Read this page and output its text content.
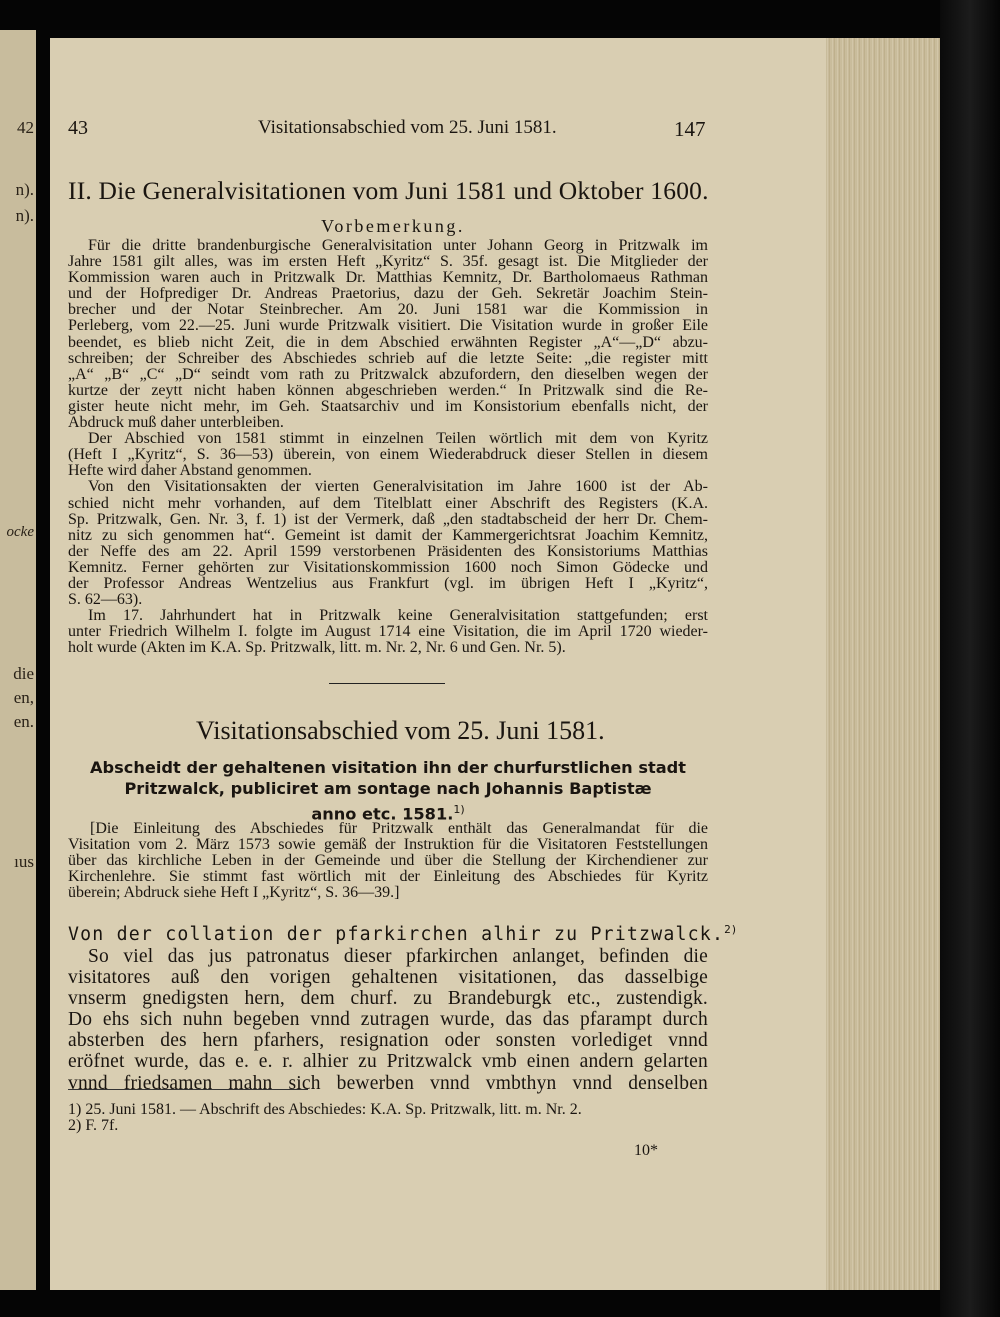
42
n).
n).
ocke
die
en,
en.
ıus
43	Visitationsabschied vom 25. Juni 1581.	147
II. Die Generalvisitationen vom Juni 1581 und Oktober 1600.
Vorbemerkung.
Für die dritte brandenburgische Generalvisitation unter Johann Georg in Pritzwalk im
Jahre 1581 gilt alles, was im ersten Heft „Kyritz“ S. 35f. gesagt ist. Die Mitglieder der
Kommission waren auch in Pritzwalk Dr. Matthias Kemnitz, Dr. Bartholomaeus Rathman
und der Hofprediger Dr. Andreas Praetorius, dazu der Geh. Sekretär Joachim Stein-
brecher und der Notar Steinbrecher. Am 20. Juni 1581 war die Kommission in
Perleberg, vom 22.—25. Juni wurde Pritzwalk visitiert. Die Visitation wurde in großer Eile
beendet, es blieb nicht Zeit, die in dem Abschied erwähnten Register „A“—„D“ abzu-
schreiben; der Schreiber des Abschiedes schrieb auf die letzte Seite: „die register mitt
„A“ „B“ „C“ „D“ seindt vom rath zu Pritzwalck abzufordern, den dieselben wegen der
kurtze der zeytt nicht haben können abgeschrieben werden.“ In Pritzwalk sind die Re-
gister heute nicht mehr, im Geh. Staatsarchiv und im Konsistorium ebenfalls nicht, der
Abdruck muß daher unterbleiben.
Der Abschied von 1581 stimmt in einzelnen Teilen wörtlich mit dem von Kyritz
(Heft I „Kyritz“, S. 36—53) überein, von einem Wiederabdruck dieser Stellen in diesem
Hefte wird daher Abstand genommen.
Von den Visitationsakten der vierten Generalvisitation im Jahre 1600 ist der Ab-
schied nicht mehr vorhanden, auf dem Titelblatt einer Abschrift des Registers (K.A.
Sp. Pritzwalk, Gen. Nr. 3, f. 1) ist der Vermerk, daß „den stadtabscheid der herr Dr. Chem-
nitz zu sich genommen hat“. Gemeint ist damit der Kammergerichtsrat Joachim Kemnitz,
der Neffe des am 22. April 1599 verstorbenen Präsidenten des Konsistoriums Matthias
Kemnitz. Ferner gehörten zur Visitationskommission 1600 noch Simon Gödecke und
der Professor Andreas Wentzelius aus Frankfurt (vgl. im übrigen Heft I „Kyritz“,
S. 62—63).
Im 17. Jahrhundert hat in Pritzwalk keine Generalvisitation stattgefunden; erst
unter Friedrich Wilhelm I. folgte im August 1714 eine Visitation, die im April 1720 wieder-
holt wurde (Akten im K.A. Sp. Pritzwalk, litt. m. Nr. 2, Nr. 6 und Gen. Nr. 5).
Visitationsabschied vom 25. Juni 1581.
Abscheidt der gehaltenen visitation ihn der churfurstlichen stadt
Pritzwalck, publiciret am sontage nach Johannis Baptistæ
anno etc. 1581.$^{1)}$
[Die Einleitung des Abschiedes für Pritzwalk enthält das Generalmandat für die
Visitation vom 2. März 1573 sowie gemäß der Instruktion für die Visitatoren Feststellungen
über das kirchliche Leben in der Gemeinde und über die Stellung der Kirchendiener zur
Kirchenlehre. Sie stimmt fast wörtlich mit der Einleitung des Abschiedes für Kyritz
überein; Abdruck siehe Heft I „Kyritz“, S. 36—39.]
Von der collation der pfarkirchen alhir zu Pritzwalck.$^{2)}$
So viel das jus patronatus dieser pfarkirchen anlanget, befinden die
visitatores auß den vorigen gehaltenen visitationen, das dasselbige
vnserm gnedigsten hern, dem churf. zu Brandeburgk etc., zustendigk.
Do ehs sich nuhn begeben vnnd zutragen wurde, das das pfarampt durch
absterben des hern pfarhers, resignation oder sonsten vorlediget vnnd
eröfnet wurde, das e. e. r. alhier zu Pritzwalck vmb einen andern gelarten
vnnd friedsamen mahn sich bewerben vnnd vmbthyn vnnd denselben
1) 25. Juni 1581. — Abschrift des Abschiedes: K.A. Sp. Pritzwalk, litt. m. Nr. 2.
2) F. 7f.
10*
